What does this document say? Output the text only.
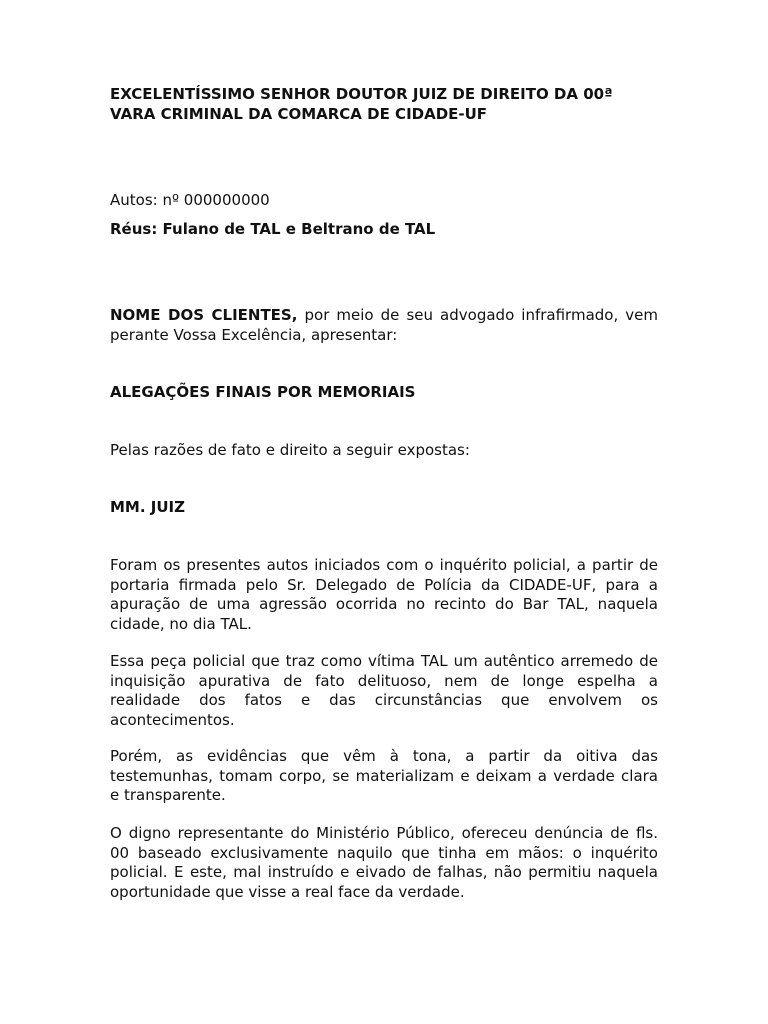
EXCELENTÍSSIMO SENHOR DOUTOR JUIZ DE DIREITO DA 00ª VARA CRIMINAL DA COMARCA DE CIDADE-UF

Autos: nº 000000000

Réus: Fulano de TAL e Beltrano de TAL

NOME DOS CLIENTES, por meio de seu advogado infrafirmado, vem perante Vossa Excelência, apresentar:

ALEGAÇÕES FINAIS POR MEMORIAIS

Pelas razões de fato e direito a seguir expostas:

MM. JUIZ

Foram os presentes autos iniciados com o inquérito policial, a partir de portaria firmada pelo Sr. Delegado de Polícia da CIDADE-UF, para a apuração de uma agressão ocorrida no recinto do Bar TAL, naquela cidade, no dia TAL.

Essa peça policial que traz como vítima TAL um autêntico arremedo de inquisição apurativa de fato delituoso, nem de longe espelha a realidade dos fatos e das circunstâncias que envolvem os acontecimentos.

Porém, as evidências que vêm à tona, a partir da oitiva das testemunhas, tomam corpo, se materializam e deixam a verdade clara e transparente.

O digno representante do Ministério Público, ofereceu denúncia de fls. 00 baseado exclusivamente naquilo que tinha em mãos: o inquérito policial. E este, mal instruído e eivado de falhas, não permitiu naquela oportunidade que visse a real face da verdade.
